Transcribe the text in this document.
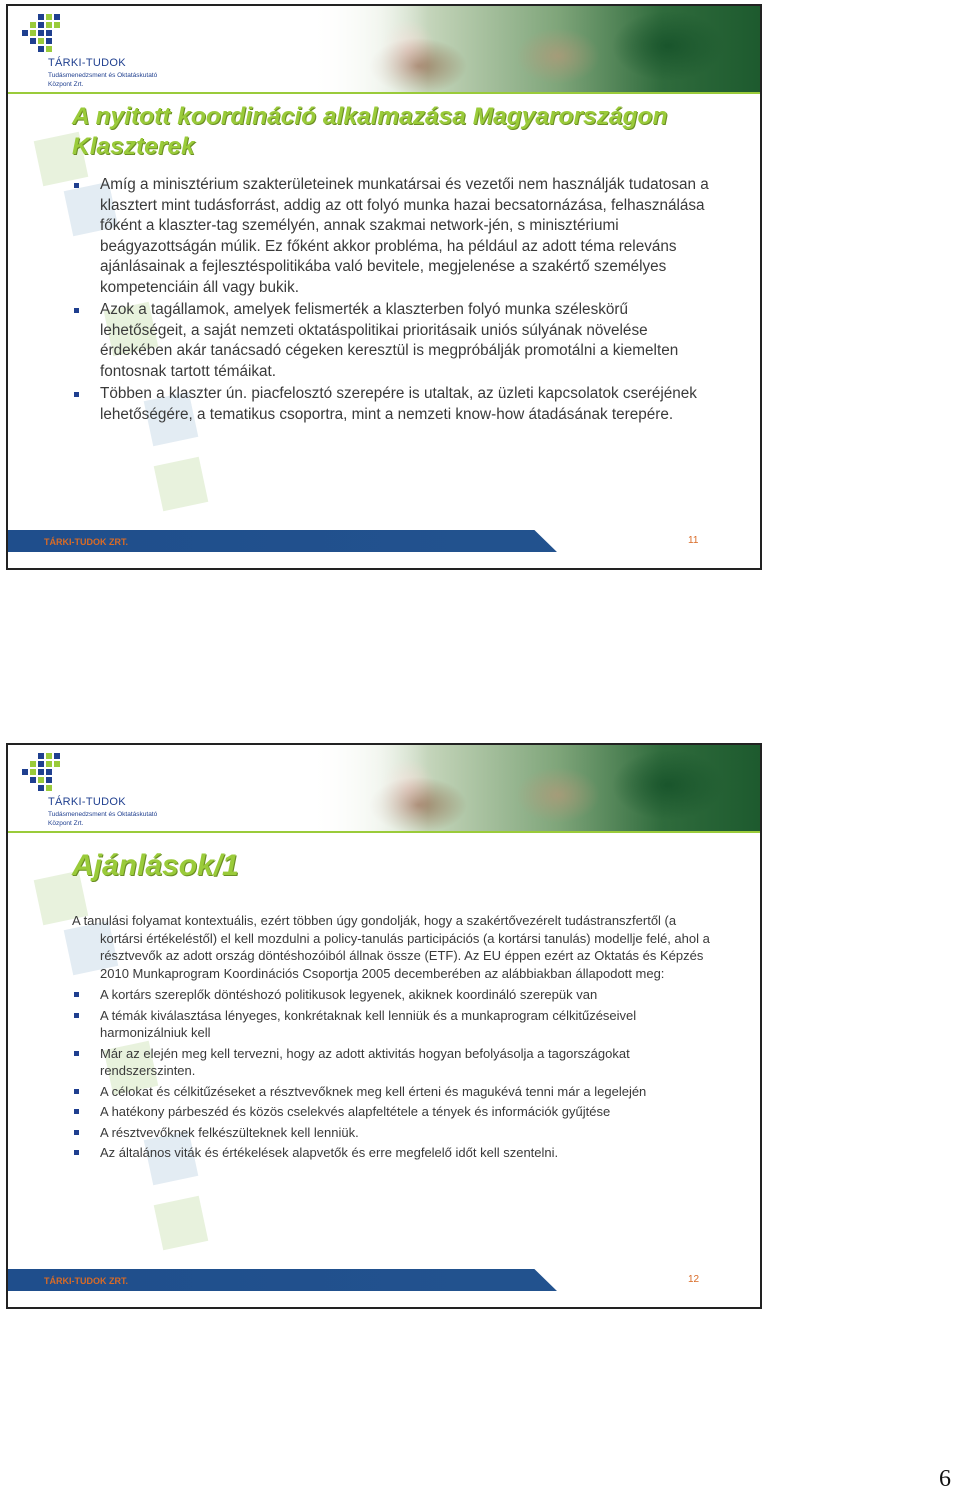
TÁRKI-TUDOK
Tudásmenedzsment és Oktatáskutató
Központ Zrt.
A nyitott koordináció alkalmazása Magyarországon
Klaszterek
Amíg a minisztérium szakterületeinek munkatársai és vezetői nem használják tudatosan a klasztert mint tudásforrást, addig az ott folyó munka hazai becsatornázása, felhasználása főként a klaszter-tag személyén, annak szakmai network-jén, s minisztériumi beágyazottságán múlik. Ez főként akkor probléma, ha például az adott téma releváns ajánlásainak a fejlesztéspolitikába való bevitele, megjelenése a szakértő személyes kompetenciáin áll vagy bukik.
Azok a tagállamok, amelyek felismerték a klaszterben folyó munka széleskörű lehetőségeit, a saját nemzeti oktatáspolitikai prioritásaik uniós súlyának növelése érdekében akár tanácsadó cégeken keresztül is megpróbálják promotálni a kiemelten fontosnak tartott témáikat.
Többen a klaszter ún. piacfelosztó szerepére is utaltak, az üzleti kapcsolatok cseréjének lehetőségére, a tematikus csoportra, mint a nemzeti know-how átadásának terepére.
TÁRKI-TUDOK ZRT.	11
TÁRKI-TUDOK
Tudásmenedzsment és Oktatáskutató
Központ Zrt.
Ajánlások/1

A tanulási folyamat kontextuális, ezért többen úgy gondolják, hogy a szakértővezérelt tudástranszfertől (a kortársi értékeléstől) el kell mozdulni a policy-tanulás participációs (a kortársi tanulás) modellje felé, ahol a résztvevők az adott ország döntéshozóiból állnak össze (ETF). Az EU éppen ezért az Oktatás és Képzés 2010 Munkaprogram Koordinációs Csoportja 2005 decemberében az alábbiakban állapodott meg:

A kortárs szereplők döntéshozó politikusok legyenek, akiknek koordináló szerepük van
A témák kiválasztása lényeges, konkrétaknak kell lenniük és a munkaprogram célkitűzéseivel harmonizálniuk kell
Már az elején meg kell tervezni, hogy az adott aktivitás hogyan befolyásolja a tagországokat rendszerszinten.
A célokat és célkitűzéseket a résztvevőknek meg kell érteni és magukévá tenni már a legelején
A hatékony párbeszéd és közös cselekvés alapfeltétele a tények és információk gyűjtése
A résztvevőknek felkészülteknek kell lenniük.
Az általános viták és értékelések alapvetők és erre megfelelő időt kell szentelni.
TÁRKI-TUDOK ZRT.	12
6
